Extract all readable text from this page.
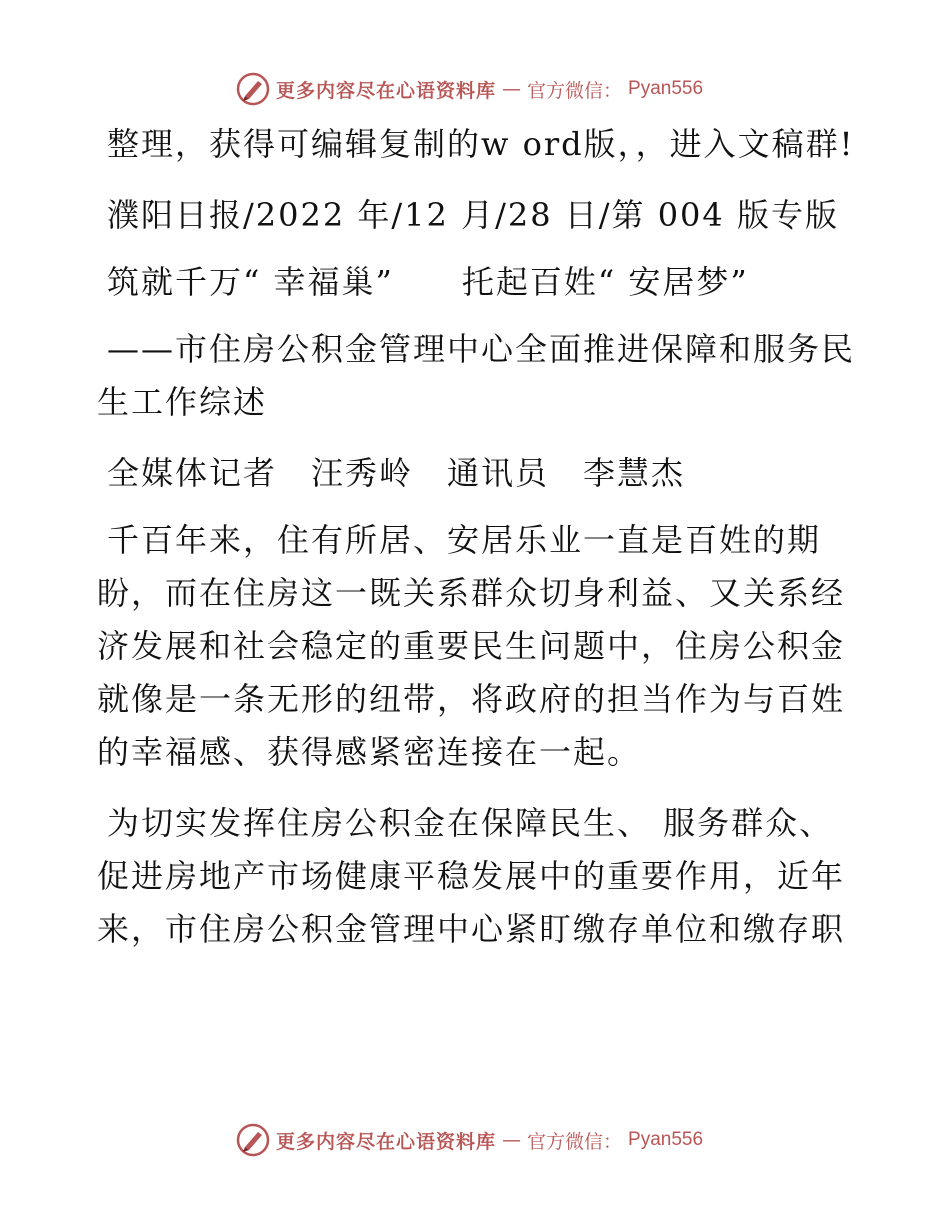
更多内容尽在心语资料库 — 官方微信： Pyan556

整理，获得可编辑复制的w ord版，，进入文稿群!

濮阳日报/2022 年/12 月/28 日/第 004 版专版

筑就千万“ 幸福巢”　　托起百姓“ 安居梦”

——市住房公积金管理中心全面推进保障和服务民生工作综述

全媒体记者　汪秀岭　通讯员　李慧杰

千百年来，住有所居、安居乐业一直是百姓的期盼，而在住房这一既关系群众切身利益、又关系经济发展和社会稳定的重要民生问题中，住房公积金就像是一条无形的纽带，将政府的担当作为与百姓的幸福感、获得感紧密连接在一起。

为切实发挥住房公积金在保障民生、 服务群众、促进房地产市场健康平稳发展中的重要作用，近年来，市住房公积金管理中心紧盯缴存单位和缴存职

更多内容尽在心语资料库 — 官方微信： Pyan556
